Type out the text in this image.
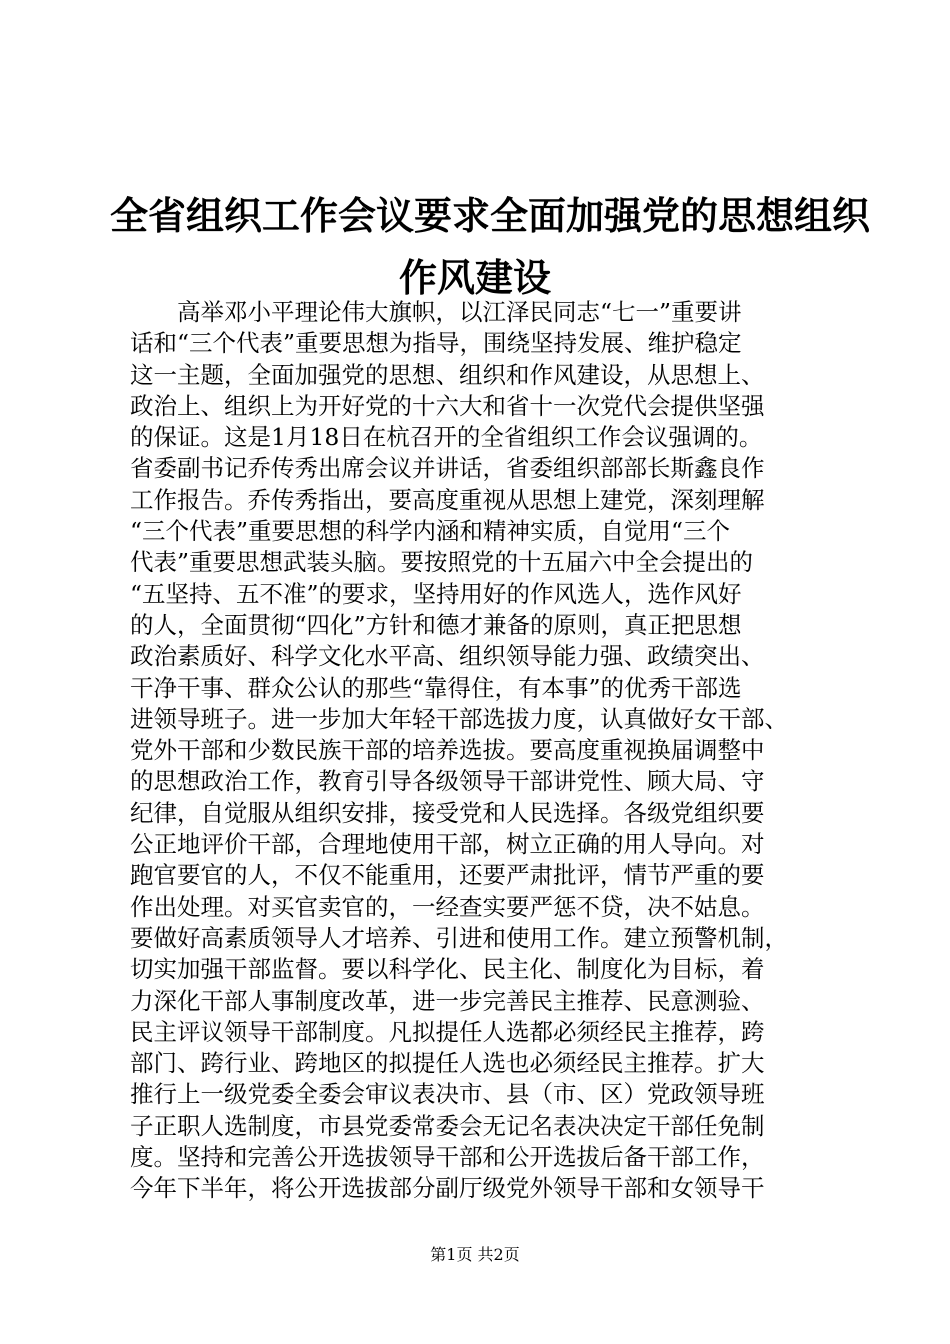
全省组织工作会议要求全面加强党的思想组织
作风建设
　　高举邓小平理论伟大旗帜，以江泽民同志“七一”重要讲
话和“三个代表”重要思想为指导，围绕坚持发展、维护稳定
这一主题，全面加强党的思想、组织和作风建设，从思想上、
政治上、组织上为开好党的十六大和省十一次党代会提供坚强
的保证。这是1月18日在杭召开的全省组织工作会议强调的。
省委副书记乔传秀出席会议并讲话，省委组织部部长斯鑫良作
工作报告。乔传秀指出，要高度重视从思想上建党，深刻理解
“三个代表”重要思想的科学内涵和精神实质，自觉用“三个
代表”重要思想武装头脑。要按照党的十五届六中全会提出的
“五坚持、五不准”的要求，坚持用好的作风选人，选作风好
的人，全面贯彻“四化”方针和德才兼备的原则，真正把思想
政治素质好、科学文化水平高、组织领导能力强、政绩突出、
干净干事、群众公认的那些“靠得住，有本事”的优秀干部选
进领导班子。进一步加大年轻干部选拔力度，认真做好女干部、
党外干部和少数民族干部的培养选拔。要高度重视换届调整中
的思想政治工作，教育引导各级领导干部讲党性、顾大局、守
纪律，自觉服从组织安排，接受党和人民选择。各级党组织要
公正地评价干部，合理地使用干部，树立正确的用人导向。对
跑官要官的人，不仅不能重用，还要严肃批评，情节严重的要
作出处理。对买官卖官的，一经查实要严惩不贷，决不姑息。
要做好高素质领导人才培养、引进和使用工作。建立预警机制，
切实加强干部监督。要以科学化、民主化、制度化为目标，着
力深化干部人事制度改革，进一步完善民主推荐、民意测验、
民主评议领导干部制度。凡拟提任人选都必须经民主推荐，跨
部门、跨行业、跨地区的拟提任人选也必须经民主推荐。扩大
推行上一级党委全委会审议表决市、县（市、区）党政领导班
子正职人选制度，市县党委常委会无记名表决决定干部任免制
度。坚持和完善公开选拔领导干部和公开选拔后备干部工作，
今年下半年，将公开选拔部分副厅级党外领导干部和女领导干
第1页 共2页
